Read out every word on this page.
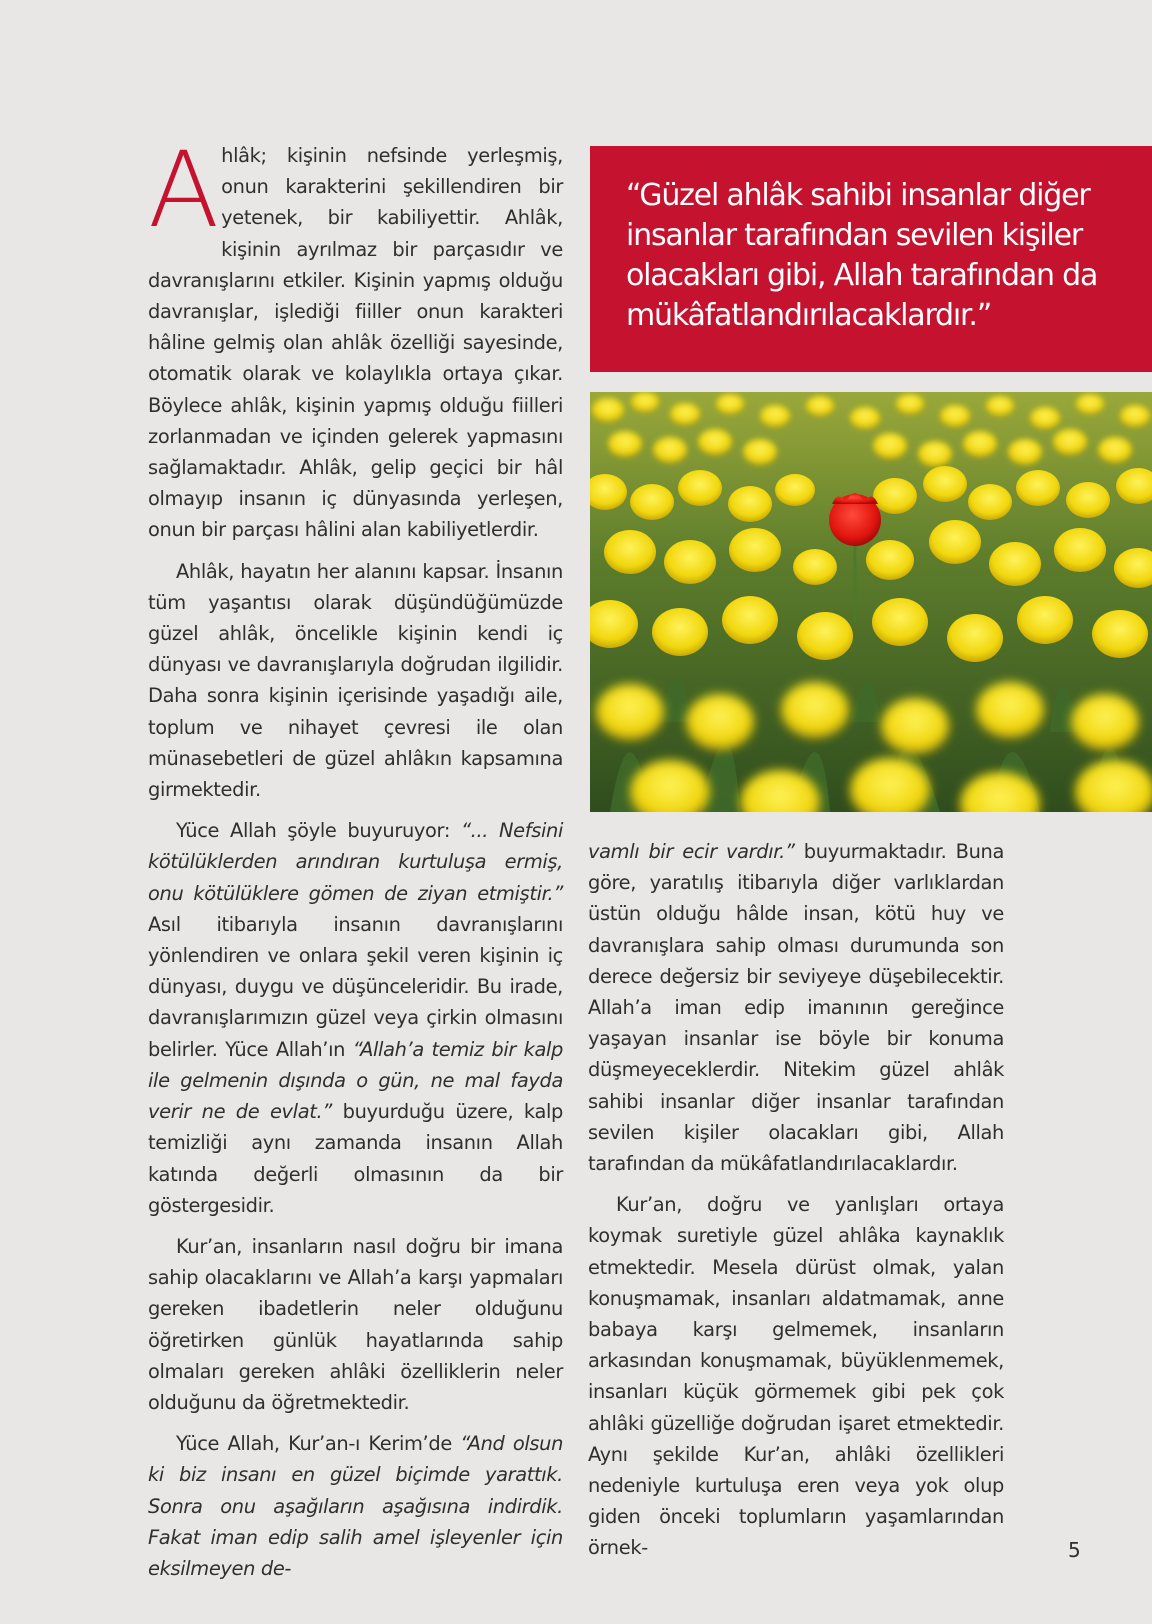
Ahlâk; kişinin nefsinde yerleşmiş, onun karakterini şekillendiren bir yetenek, bir kabiliyettir. Ahlâk, kişinin ayrılmaz bir parçasıdır ve davranışlarını etkiler. Kişinin yapmış olduğu davranışlar, işlediği fiiller onun karakteri hâline gelmiş olan ahlâk özelliği sayesinde, otomatik olarak ve kolaylıkla ortaya çıkar. Böylece ahlâk, kişinin yapmış olduğu fiilleri zorlanmadan ve içinden gelerek yapmasını sağlamaktadır. Ahlâk, gelip geçici bir hâl olmayıp insanın iç dünyasında yerleşen, onun bir parçası hâlini alan kabiliyetlerdir.

Ahlâk, hayatın her alanını kapsar. İnsanın tüm yaşantısı olarak düşündüğümüzde güzel ahlâk, öncelikle kişinin kendi iç dünyası ve davranışlarıyla doğrudan ilgilidir. Daha sonra kişinin içerisinde yaşadığı aile, toplum ve nihayet çevresi ile olan münasebetleri de güzel ahlâkın kapsamına girmektedir.

Yüce Allah şöyle buyuruyor: “... Nefsini kötülüklerden arındıran kurtuluşa ermiş, onu kötülüklere gömen de ziyan etmiştir.” Asıl itibarıyla insanın davranışlarını yönlendiren ve onlara şekil veren kişinin iç dünyası, duygu ve düşünceleridir. Bu irade, davranışlarımızın güzel veya çirkin olmasını belirler. Yüce Allah’ın “Allah’a temiz bir kalp ile gelmenin dışında o gün, ne mal fayda verir ne de evlat.” buyurduğu üzere, kalp temizliği aynı zamanda insanın Allah katında değerli olmasının da bir göstergesidir.

Kur’an, insanların nasıl doğru bir imana sahip olacaklarını ve Allah’a karşı yapmaları gereken ibadetlerin neler olduğunu öğretirken günlük hayatlarında sahip olmaları gereken ahlâki özelliklerin neler olduğunu da öğretmektedir.

Yüce Allah, Kur’an-ı Kerim’de “And olsun ki biz insanı en güzel biçimde yarattık. Sonra onu aşağıların aşağısına indirdik. Fakat iman edip salih amel işleyenler için eksilmeyen de-

“Güzel ahlâk sahibi insanlar diğer insanlar tarafından sevilen kişiler olacakları gibi, Allah tarafından da mükâfatlandırılacaklardır.”

vamlı bir ecir vardır.” buyurmaktadır. Buna göre, yaratılış itibarıyla diğer varlıklardan üstün olduğu hâlde insan, kötü huy ve davranışlara sahip olması durumunda son derece değersiz bir seviyeye düşebilecektir. Allah’a iman edip imanının gereğince yaşayan insanlar ise böyle bir konuma düşmeyeceklerdir. Nitekim güzel ahlâk sahibi insanlar diğer insanlar tarafından sevilen kişiler olacakları gibi, Allah tarafından da mükâfatlandırılacaklardır.

Kur’an, doğru ve yanlışları ortaya koymak suretiyle güzel ahlâka kaynaklık etmektedir. Mesela dürüst olmak, yalan konuşmamak, insanları aldatmamak, anne babaya karşı gelmemek, insanların arkasından konuşmamak, büyüklenmemek, insanları küçük görmemek gibi pek çok ahlâki güzelliğe doğrudan işaret etmektedir. Aynı şekilde Kur’an, ahlâki özellikleri nedeniyle kurtuluşa eren veya yok olup giden önceki toplumların yaşamlarından örnek-	5
